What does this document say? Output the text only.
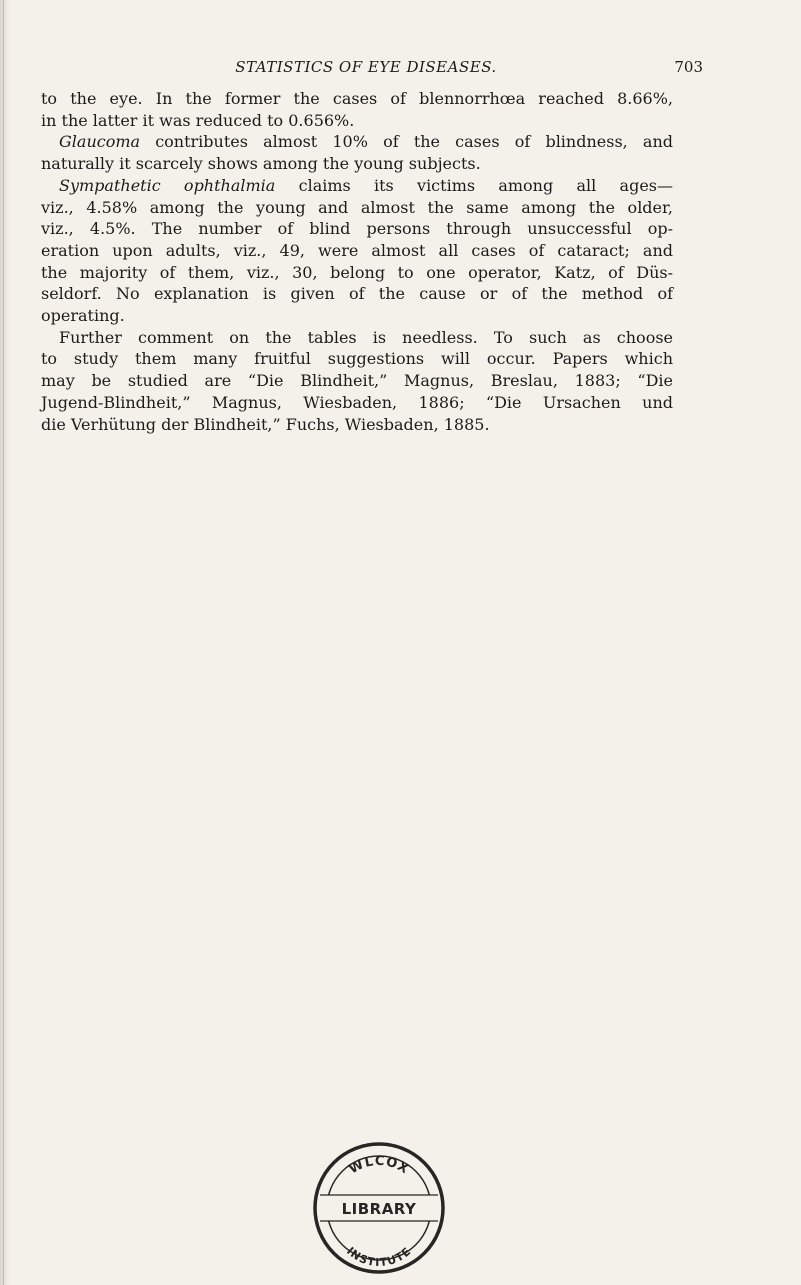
STATISTICS OF EYE DISEASES.	703
to the eye. In the former the cases of blennorrhœa reached 8.66%,
in the latter it was reduced to 0.656%.
Glaucoma contributes almost 10% of the cases of blindness, and
naturally it scarcely shows among the young subjects.
Sympathetic ophthalmia claims its victims among all ages—
viz., 4.58% among the young and almost the same among the older,
viz., 4.5%. The number of blind persons through unsuccessful op-
eration upon adults, viz., 49, were almost all cases of cataract; and
the majority of them, viz., 30, belong to one operator, Katz, of Düs-
seldorf. No explanation is given of the cause or of the method of
operating.
Further comment on the tables is needless. To such as choose
to study them many fruitful suggestions will occur. Papers which
may be studied are “Die Blindheit,” Magnus, Breslau, 1883; “Die
Jugend-Blindheit,” Magnus, Wiesbaden, 1886; “Die Ursachen und
die Verhütung der Blindheit,” Fuchs, Wiesbaden, 1885.
WLCOX
LIBRARY
INSTITUTE
